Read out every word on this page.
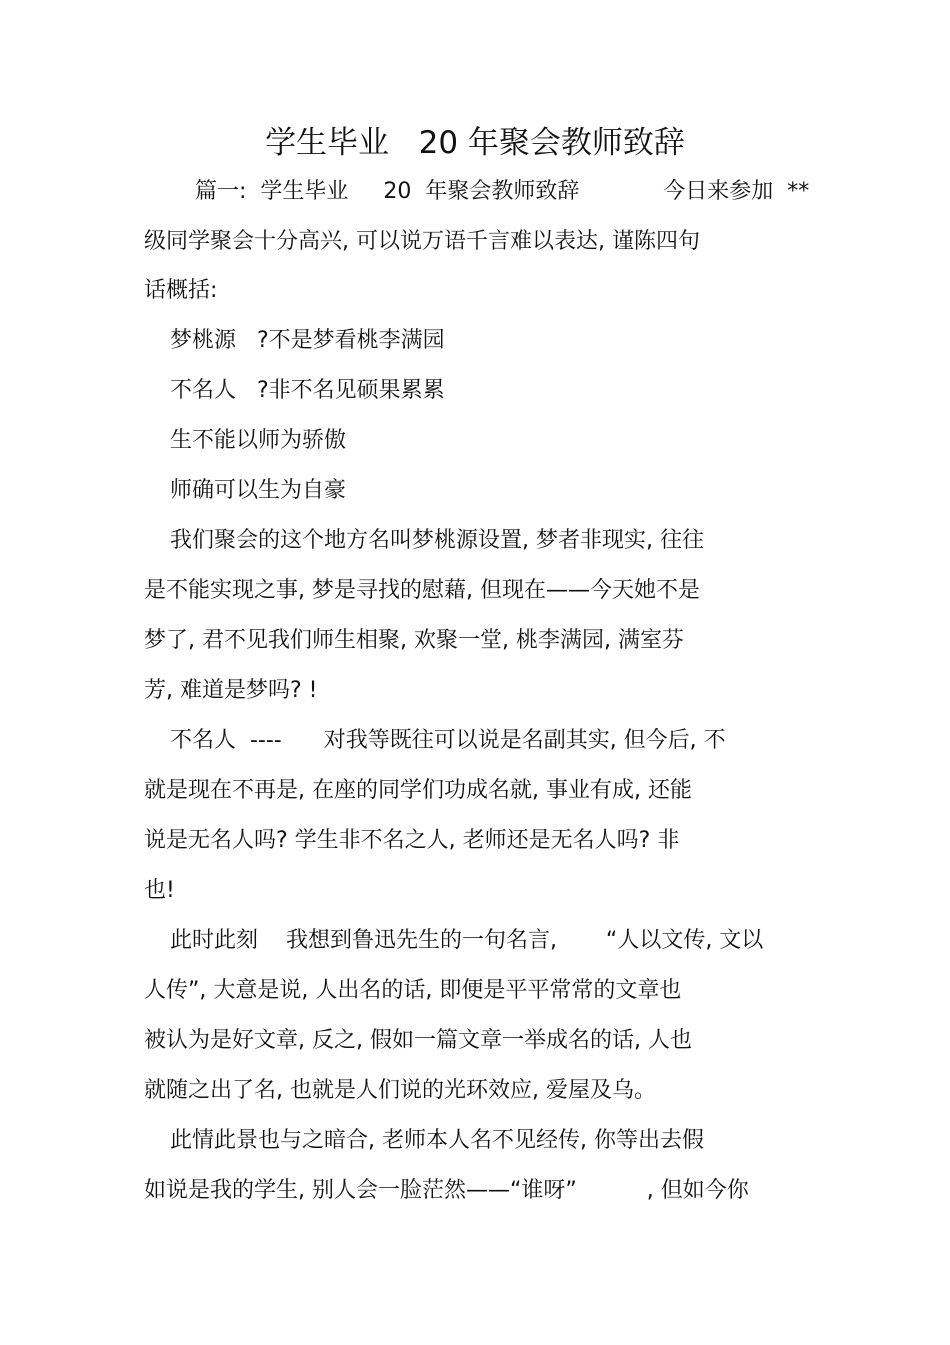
学生毕业   20 年聚会教师致辞

篇一:  学生毕业     20  年聚会教师致辞            今日来参加  **

级同学聚会十分高兴, 可以说万语千言难以表达, 谨陈四句

话概括:

梦桃源   ?不是梦看桃李满园

不名人   ?非不名见硕果累累

生不能以师为骄傲

师确可以生为自豪

我们聚会的这个地方名叫梦桃源设置, 梦者非现实, 往往

是不能实现之事, 梦是寻找的慰藉, 但现在——今天她不是

梦了, 君不见我们师生相聚, 欢聚一堂, 桃李满园, 满室芬

芳, 难道是梦吗? !

不名人  ----      对我等既往可以说是名副其实, 但今后, 不

就是现在不再是, 在座的同学们功成名就, 事业有成, 还能

说是无名人吗? 学生非不名之人, 老师还是无名人吗? 非

也!

此时此刻    我想到鲁迅先生的一句名言,       “人以文传, 文以

人传”, 大意是说, 人出名的话, 即便是平平常常的文章也

被认为是好文章, 反之, 假如一篇文章一举成名的话, 人也

就随之出了名, 也就是人们说的光环效应, 爱屋及乌。

此情此景也与之暗合, 老师本人名不见经传, 你等出去假

如说是我的学生, 别人会一脸茫然——“谁呀”          , 但如今你
